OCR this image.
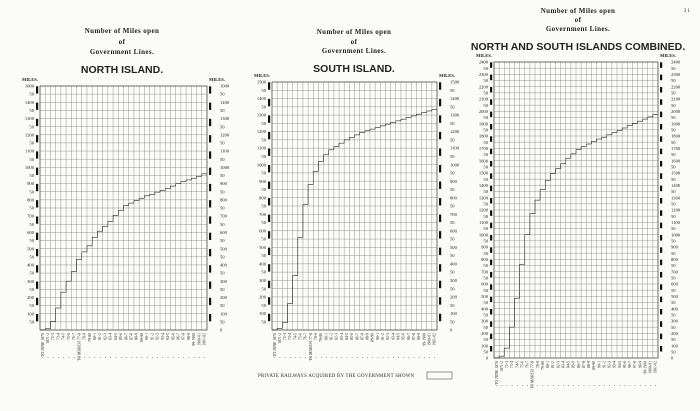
3 1
PRIVATE RAILWAYS ACQUIRED BY THE GOVERNMENT SHOWN
Number of Miles open
of
Government Lines.
NORTH ISLAND.
MILES.	MILES.
1000	1000
50	50
1400	1400
50	50
1300	1300
50	50
1200	1200
50	50
1100	1100
50	50
1000	1000
50	50
900	900
50	50
800	800
50	50
700	700
50	50
600	600
50	50
500	500
50	50
400	400
50	50
300	300
50	50
200	200
50	50
100	100
50	50
0
TO JUNE 1870 1871-2 72-3 73-4 74-5 75-6 76-7 TO MARCH 77-8 78-9 79-80 80-1 81-2 82-3 83-4 84-5 85-6 86-7 87-8 88-9 89-90 90-1 91-2 92-3 93-4 94-5 95-6 96-7 97-8 98-9 99-1900 1900-01 1901-02
Number of Miles open
of
Government Lines.
SOUTH ISLAND.
MILES.	MILES.
1500	1500
50	50
1400	1400
50	50
1300	1300
50	50
1200	1200
50	50
1100	1100
50	50
1000	1000
50	50
900	900
50	50
800	800
50	50
700	700
50	50
600	600
50	50
500	500
50	50
400	400
50	50
300	300
50	50
200	200
50	50
100	100
50	50
0
TO JUNE 1870 1871-2 72-3 73-4 74-5 75-6 76-7 TO MARCH 77-8 78-9 79-80 80-1 81-2 82-3 83-4 84-5 85-6 86-7 87-8 88-9 89-90 90-1 91-2 92-3 93-4 94-5 95-6 96-7 97-8 98-9 99-1900 1900-01 1901-02
Number of Miles open
of
Government Lines.
NORTH AND SOUTH ISLANDS COMBINED.
MILES.	MILES.
2400	2400
50	50
2300	2300
50	50
2200	2200
50	50
2100	2100
50	50
2000	2000
50	50
1900	1900
50	50
1800	1800
50	50
1700	1700
50	50
1600	1600
50	50
1500	1500
50	50
1400	1400
50	50
1300	1300
50	50
1200	1200
50	50
1100	1100
50	50
1000	1000
50	50
900	900
50	50
800	800
50	50
700	700
50	50
600	600
50	50
500	500
50	50
400	400
50	50
300	300
50	50
200	200
50	50
100	100
50	50
0	0
TO JUNE 1870 1871-2 72-3 73-4 74-5 75-6 76-7 TO MARCH 77-8 78-9 79-80 80-1 81-2 82-3 83-4 84-5 85-6 86-7 87-8 88-9 89-90 90-1 91-2 92-3 93-4 94-5 95-6 96-7 97-8 98-9 99-1900 1900-01 1901-02
